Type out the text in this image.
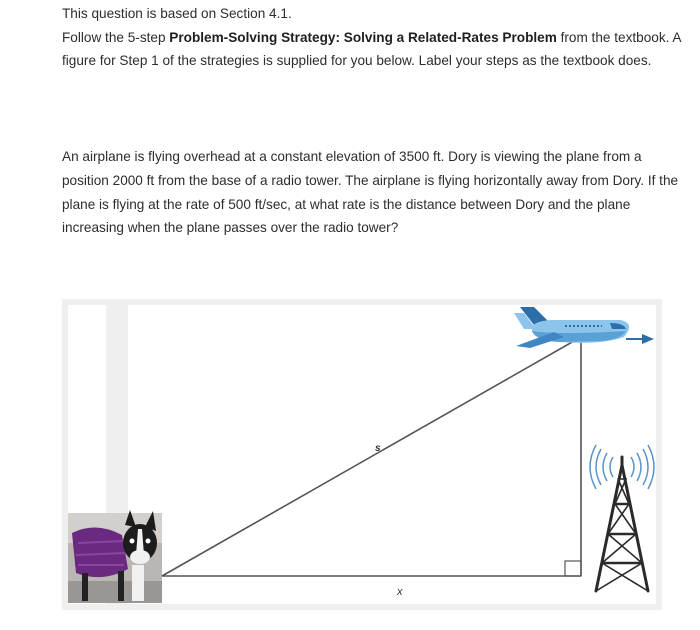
This question is based on Section 4.1.

Follow the 5-step Problem-Solving Strategy: Solving a Related-Rates Problem from the textbook. A figure for Step 1 of the strategies is supplied for you below. Label your steps as the textbook does.

An airplane is flying overhead at a constant elevation of 3500 ft. Dory is viewing the plane from a position 2000 ft from the base of a radio tower. The airplane is flying horizontally away from Dory. If the plane is flying at the rate of 500 ft/sec, at what rate is the distance between Dory and the plane increasing when the plane passes over the radio tower?

s
x
